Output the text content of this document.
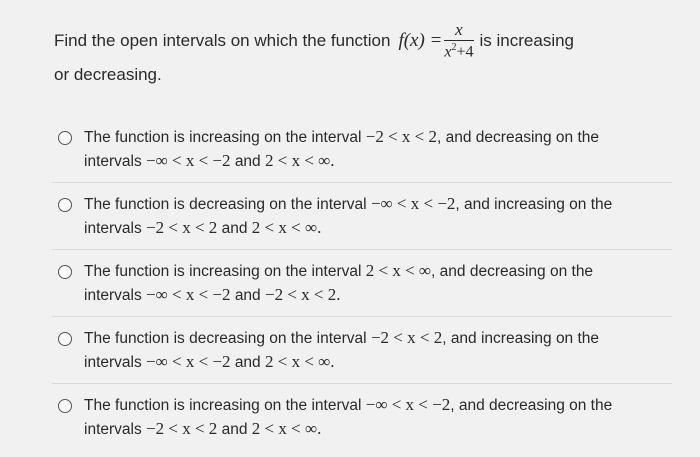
Find the open intervals on which the function $f(x) = \frac{x}{x^2+4}$ is increasing
or decreasing.
The function is increasing on the interval −2 < x < 2, and decreasing on the
intervals −∞ < x < −2 and 2 < x < ∞.
The function is decreasing on the interval −∞ < x < −2, and increasing on the
intervals −2 < x < 2 and 2 < x < ∞.
The function is increasing on the interval 2 < x < ∞, and decreasing on the
intervals −∞ < x < −2 and −2 < x < 2.
The function is decreasing on the interval −2 < x < 2, and increasing on the
intervals −∞ < x < −2 and 2 < x < ∞.
The function is increasing on the interval −∞ < x < −2, and decreasing on the
intervals −2 < x < 2 and 2 < x < ∞.
